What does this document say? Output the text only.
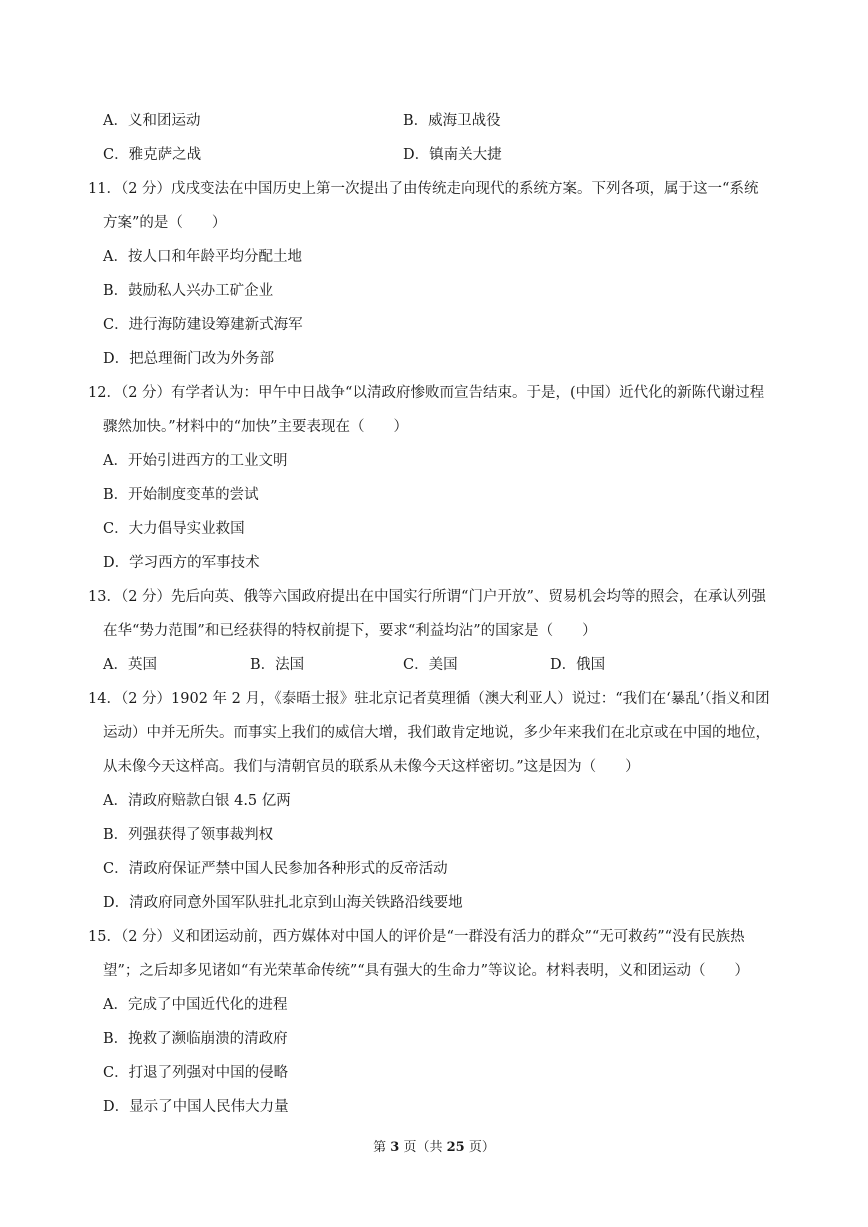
A．义和团运动	B．威海卫战役
C．雅克萨之战	D．镇南关大捷
11．（2 分）戊戌变法在中国历史上第一次提出了由传统走向现代的系统方案。下列各项，属于这一“系统
方案”的是（　　）
A．按人口和年龄平均分配土地
B．鼓励私人兴办工矿企业
C．进行海防建设筹建新式海军
D．把总理衙门改为外务部
12．（2 分）有学者认为：甲午中日战争“以清政府惨败而宣告结束。于是，(中国）近代化的新陈代谢过程
骤然加快。”材料中的“加快”主要表现在（　　）
A．开始引进西方的工业文明
B．开始制度变革的尝试
C．大力倡导实业救国
D．学习西方的军事技术
13．（2 分）先后向英、俄等六国政府提出在中国实行所谓“门户开放”、贸易机会均等的照会，在承认列强
在华“势力范围”和已经获得的特权前提下，要求“利益均沾”的国家是（　　）
A．英国	B．法国	C．美国	D．俄国
14．（2 分）1902 年 2 月，《泰晤士报》驻北京记者莫理循（澳大利亚人）说过：“我们在‘暴乱’（指义和团
运动）中并无所失。而事实上我们的威信大增，我们敢肯定地说，多少年来我们在北京或在中国的地位，
从未像今天这样高。我们与清朝官员的联系从未像今天这样密切。”这是因为（　　）
A．清政府赔款白银 4.5 亿两
B．列强获得了领事裁判权
C．清政府保证严禁中国人民参加各种形式的反帝活动
D．清政府同意外国军队驻扎北京到山海关铁路沿线要地
15．（2 分）义和团运动前，西方媒体对中国人的评价是“一群没有活力的群众”“无可救药”“没有民族热
望”；之后却多见诸如“有光荣革命传统”“具有强大的生命力”等议论。材料表明，义和团运动（　　）
A．完成了中国近代化的进程
B．挽救了濒临崩溃的清政府
C．打退了列强对中国的侵略
D．显示了中国人民伟大力量
第 3 页（共 25 页）
